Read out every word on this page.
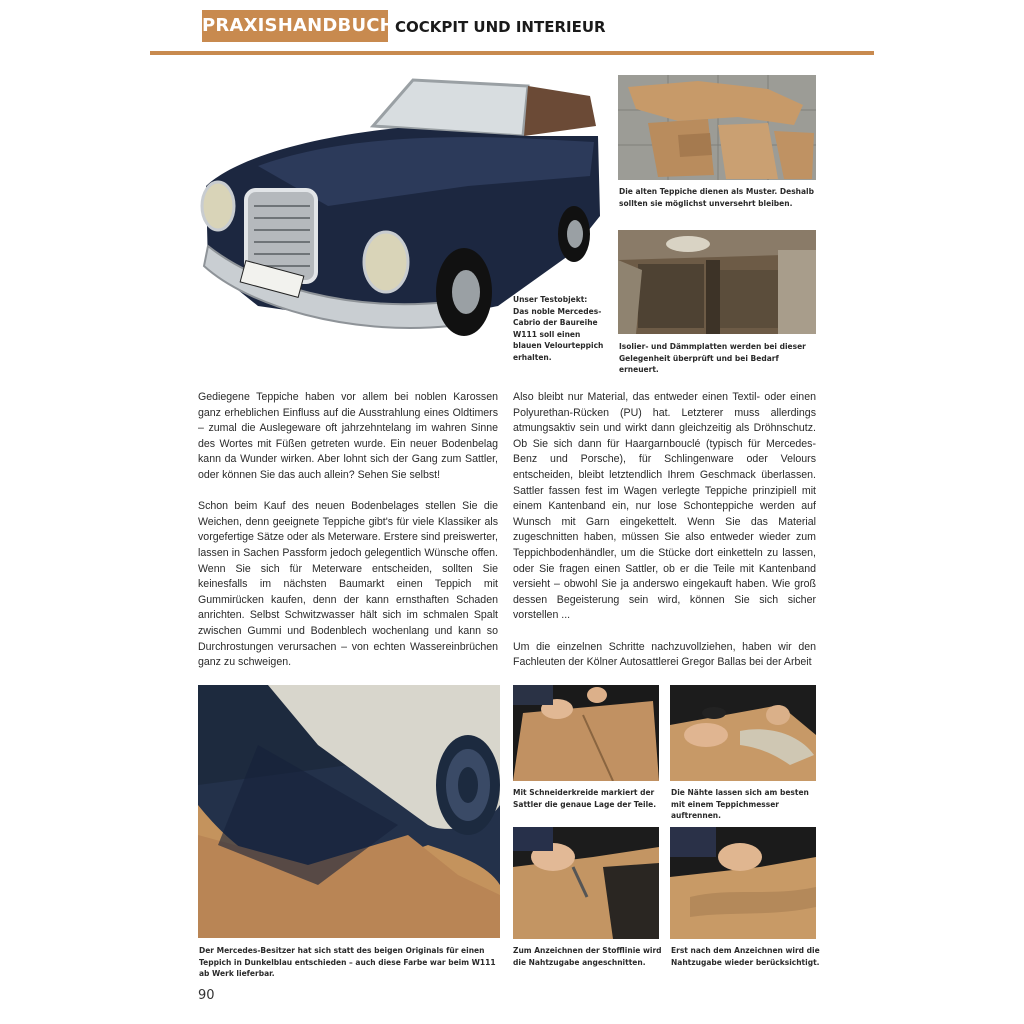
PRAXISHANDBUCH COCKPIT UND INTERIEUR
Unser Testobjekt: Das noble Mercedes-Cabrio der Baureihe W111 soll einen blauen Velourteppich erhalten.
Die alten Teppiche dienen als Muster. Deshalb sollten sie möglichst unversehrt bleiben.
Isolier- und Dämmplatten werden bei dieser Gelegenheit überprüft und bei Bedarf erneuert.

Gediegene Teppiche haben vor allem bei noblen Karossen ganz erheblichen Einfluss auf die Ausstrahlung eines Oldtimers – zumal die Auslegeware oft jahrzehntelang im wahren Sinne des Wortes mit Füßen getreten wurde. Ein neuer Bodenbelag kann da Wunder wirken. Aber lohnt sich der Gang zum Sattler, oder können Sie das auch allein? Sehen Sie selbst!

Schon beim Kauf des neuen Bodenbelages stellen Sie die Weichen, denn geeignete Teppiche gibt's für viele Klassiker als vorgefertige Sätze oder als Meterware. Erstere sind preiswerter, lassen in Sachen Passform jedoch gelegentlich Wünsche offen. Wenn Sie sich für Meterware entscheiden, sollten Sie keinesfalls im nächsten Baumarkt einen Teppich mit Gummirücken kaufen, denn der kann ernsthaften Schaden anrichten. Selbst Schwitzwasser hält sich im schmalen Spalt zwischen Gummi und Bodenblech wochenlang und kann so Durchrostungen verursachen – von echten Wassereinbrüchen ganz zu schweigen.

Also bleibt nur Material, das entweder einen Textil- oder einen Polyurethan-Rücken (PU) hat. Letzterer muss allerdings atmungsaktiv sein und wirkt dann gleichzeitig als Dröhnschutz. Ob Sie sich dann für Haargarnbouclé (typisch für Mercedes-Benz und Porsche), für Schlingenware oder Velours entscheiden, bleibt letztendlich Ihrem Geschmack überlassen. Sattler fassen fest im Wagen verlegte Teppiche prinzipiell mit einem Kantenband ein, nur lose Schonteppiche werden auf Wunsch mit Garn eingekettelt. Wenn Sie das Material zugeschnitten haben, müssen Sie also entweder wieder zum Teppichbodenhändler, um die Stücke dort einketteln zu lassen, oder Sie fragen einen Sattler, ob er die Teile mit Kantenband versieht – obwohl Sie ja anderswo eingekauft haben. Wie groß dessen Begeisterung sein wird, können Sie sich sicher vorstellen ...

Um die einzelnen Schritte nachzuvollziehen, haben wir den Fachleuten der Kölner Autosattlerei Gregor Ballas bei der Arbeit

Der Mercedes-Besitzer hat sich statt des beigen Originals für einen Teppich in Dunkelblau entschieden – auch diese Farbe war beim W111 ab Werk lieferbar.
Mit Schneiderkreide markiert der Sattler die genaue Lage der Teile.
Die Nähte lassen sich am besten mit einem Teppichmesser auftrennen.
Zum Anzeichnen der Stofflinie wird die Nahtzugabe angeschnitten.
Erst nach dem Anzeichnen wird die Nahtzugabe wieder berücksichtigt.
90
